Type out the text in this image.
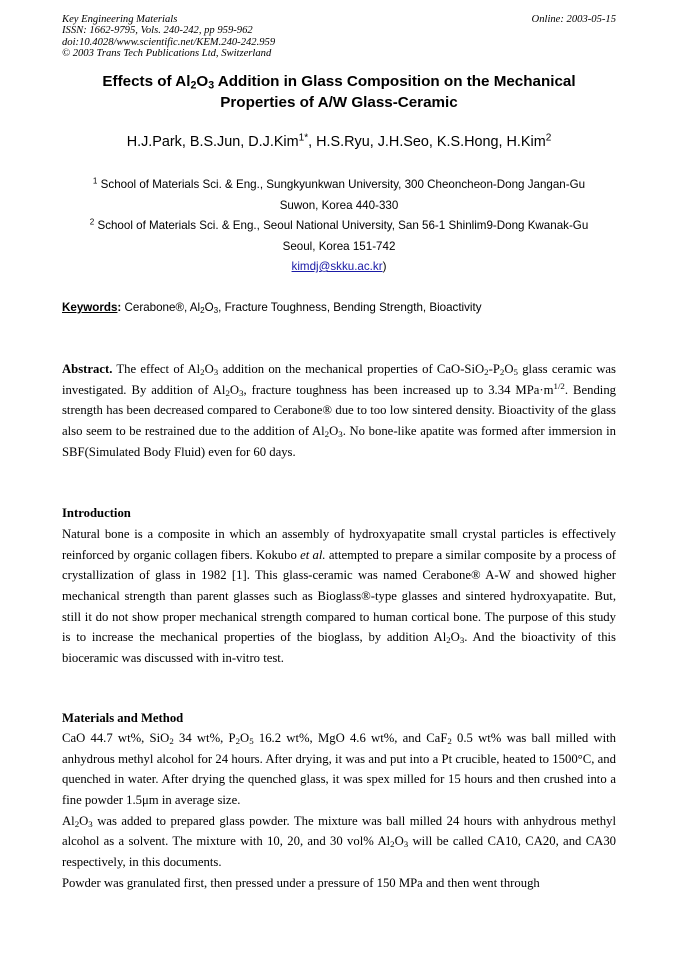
Key Engineering Materials
ISSN: 1662-9795, Vols. 240-242, pp 959-962
doi:10.4028/www.scientific.net/KEM.240-242.959
© 2003 Trans Tech Publications Ltd, Switzerland
Online: 2003-05-15
Effects of $Al_2O_3$ Addition in Glass Composition on the Mechanical
Properties of A/W Glass-Ceramic
H.J.Park, B.S.Jun, D.J.Kim$^{1*}$, H.S.Ryu, J.H.Seo, K.S.Hong, H.Kim$^2$
$^1$ School of Materials Sci. & Eng., Sungkyunkwan University, 300 Cheoncheon-Dong Jangan-Gu
Suwon, Korea 440-330
$^2$ School of Materials Sci. & Eng., Seoul National University, San 56-1 Shinlim9-Dong Kwanak-Gu
Seoul, Korea 151-742
kimdj@skku.ac.kr)
Keywords: Cerabone®, $Al_2O_3$, Fracture Toughness, Bending Strength, Bioactivity

Abstract. The effect of $Al_2O_3$ addition on the mechanical properties of CaO-$SiO_2-P_2O_5$ glass ceramic was investigated. By addition of $Al_2O_3$, fracture toughness has been increased up to 3.34 $MPa\cdot m^{1/2}$. Bending strength has been decreased compared to Cerabone® due to too low sintered density. Bioactivity of the glass also seem to be restrained due to the addition of $Al_2O_3$. No bone-like apatite was formed after immersion in SBF(Simulated Body Fluid) even for 60 days.

Introduction

Natural bone is a composite in which an assembly of hydroxyapatite small crystal particles is effectively reinforced by organic collagen fibers. Kokubo et al. attempted to prepare a similar composite by a process of crystallization of glass in 1982 [1]. This glass-ceramic was named Cerabone® A-W and showed higher mechanical strength than parent glasses such as Bioglass®-type glasses and sintered hydroxyapatite. But, still it do not show proper mechanical strength compared to human cortical bone. The purpose of this study is to increase the mechanical properties of the bioglass, by addition $Al_2O_3$. And the bioactivity of this bioceramic was discussed with in-vitro test.

Materials and Method

CaO 44.7 wt%, SiO$_2$ 34 wt%, $P_2O_5$ 16.2 wt%, MgO 4.6 wt%, and CaF$_2$ 0.5 wt% was ball milled with anhydrous methyl alcohol for 24 hours. After drying, it was and put into a Pt crucible, heated to 1500°C, and quenched in water. After drying the quenched glass, it was spex milled for 15 hours and then crushed into a fine powder 1.5μm in average size.

$Al_2O_3$ was added to prepared glass powder. The mixture was ball milled 24 hours with anhydrous methyl alcohol as a solvent. The mixture with 10, 20, and 30 vol% $Al_2O_3$ will be called CA10, CA20, and CA30 respectively, in this documents.

Powder was granulated first, then pressed under a pressure of 150 MPa and then went through
